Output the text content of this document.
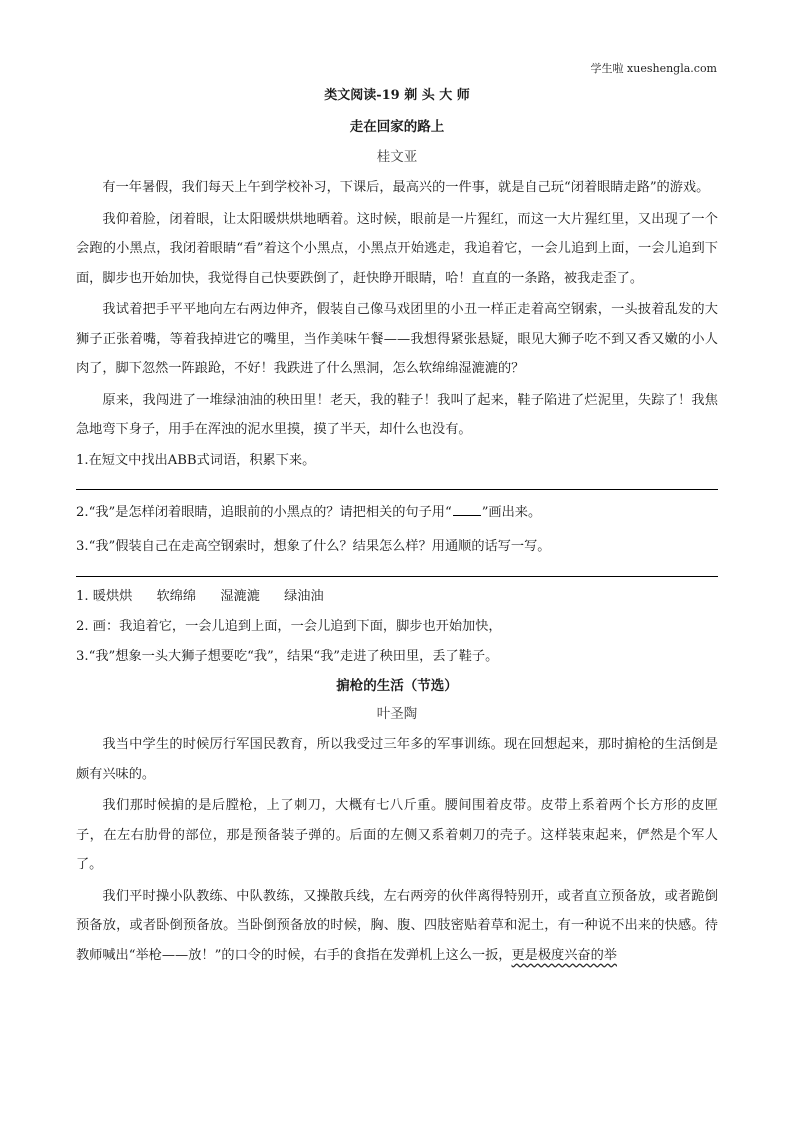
学生啦 xueshengla.com
类文阅读-19 剃 头 大 师
走在回家的路上
桂文亚

有一年暑假，我们每天上午到学校补习，下课后，最高兴的一件事，就是自己玩“闭着眼睛走路”的游戏。

我仰着脸，闭着眼，让太阳暖烘烘地晒着。这时候，眼前是一片猩红，而这一大片猩红里，又出现了一个会跑的小黑点，我闭着眼睛“看”着这个小黑点，小黑点开始逃走，我追着它，一会儿追到上面，一会儿追到下面，脚步也开始加快，我觉得自己快要跌倒了，赶快睁开眼睛，哈！直直的一条路，被我走歪了。

我试着把手平平地向左右两边伸齐，假装自己像马戏团里的小丑一样正走着高空钢索，一头披着乱发的大狮子正张着嘴，等着我掉进它的嘴里，当作美味午餐——我想得紧张悬疑，眼见大狮子吃不到又香又嫩的小人肉了，脚下忽然一阵踉跄，不好！我跌进了什么黑洞，怎么软绵绵湿漉漉的？

原来，我闯进了一堆绿油油的秧田里！老天，我的鞋子！我叫了起来，鞋子陷进了烂泥里，失踪了！我焦急地弯下身子，用手在浑浊的泥水里摸，摸了半天，却什么也没有。

1.在短文中找出ABB式词语，积累下来。

2.“我”是怎样闭着眼睛，追眼前的小黑点的？请把相关的句子用“ ”画出来。

3.“我”假装自己在走高空钢索时，想象了什么？结果怎么样？用通顺的话写一写。

1. 暖烘烘 软绵绵 湿漉漉 绿油油

2. 画：我追着它，一会儿追到上面，一会儿追到下面，脚步也开始加快，

3.“我”想象一头大狮子想要吃“我”，结果“我”走进了秧田里，丢了鞋子。

掮枪的生活（节选）
叶圣陶

我当中学生的时候厉行军国民教育，所以我受过三年多的军事训练。现在回想起来，那时掮枪的生活倒是颇有兴味的。

我们那时候掮的是后膛枪，上了刺刀，大概有七八斤重。腰间围着皮带。皮带上系着两个长方形的皮匣子，在左右肋骨的部位，那是预备装子弹的。后面的左侧又系着刺刀的壳子。这样装束起来，俨然是个军人了。

我们平时操小队教练、中队教练，又操散兵线，左右两旁的伙伴离得特别开，或者直立预备放，或者跪倒预备放，或者卧倒预备放。当卧倒预备放的时候，胸、腹、四肢密贴着草和泥土，有一种说不出来的快感。待教师喊出“举枪——放！”的口令的时候，右手的食指在发弹机上这么一扳，更是极度兴奋的举
